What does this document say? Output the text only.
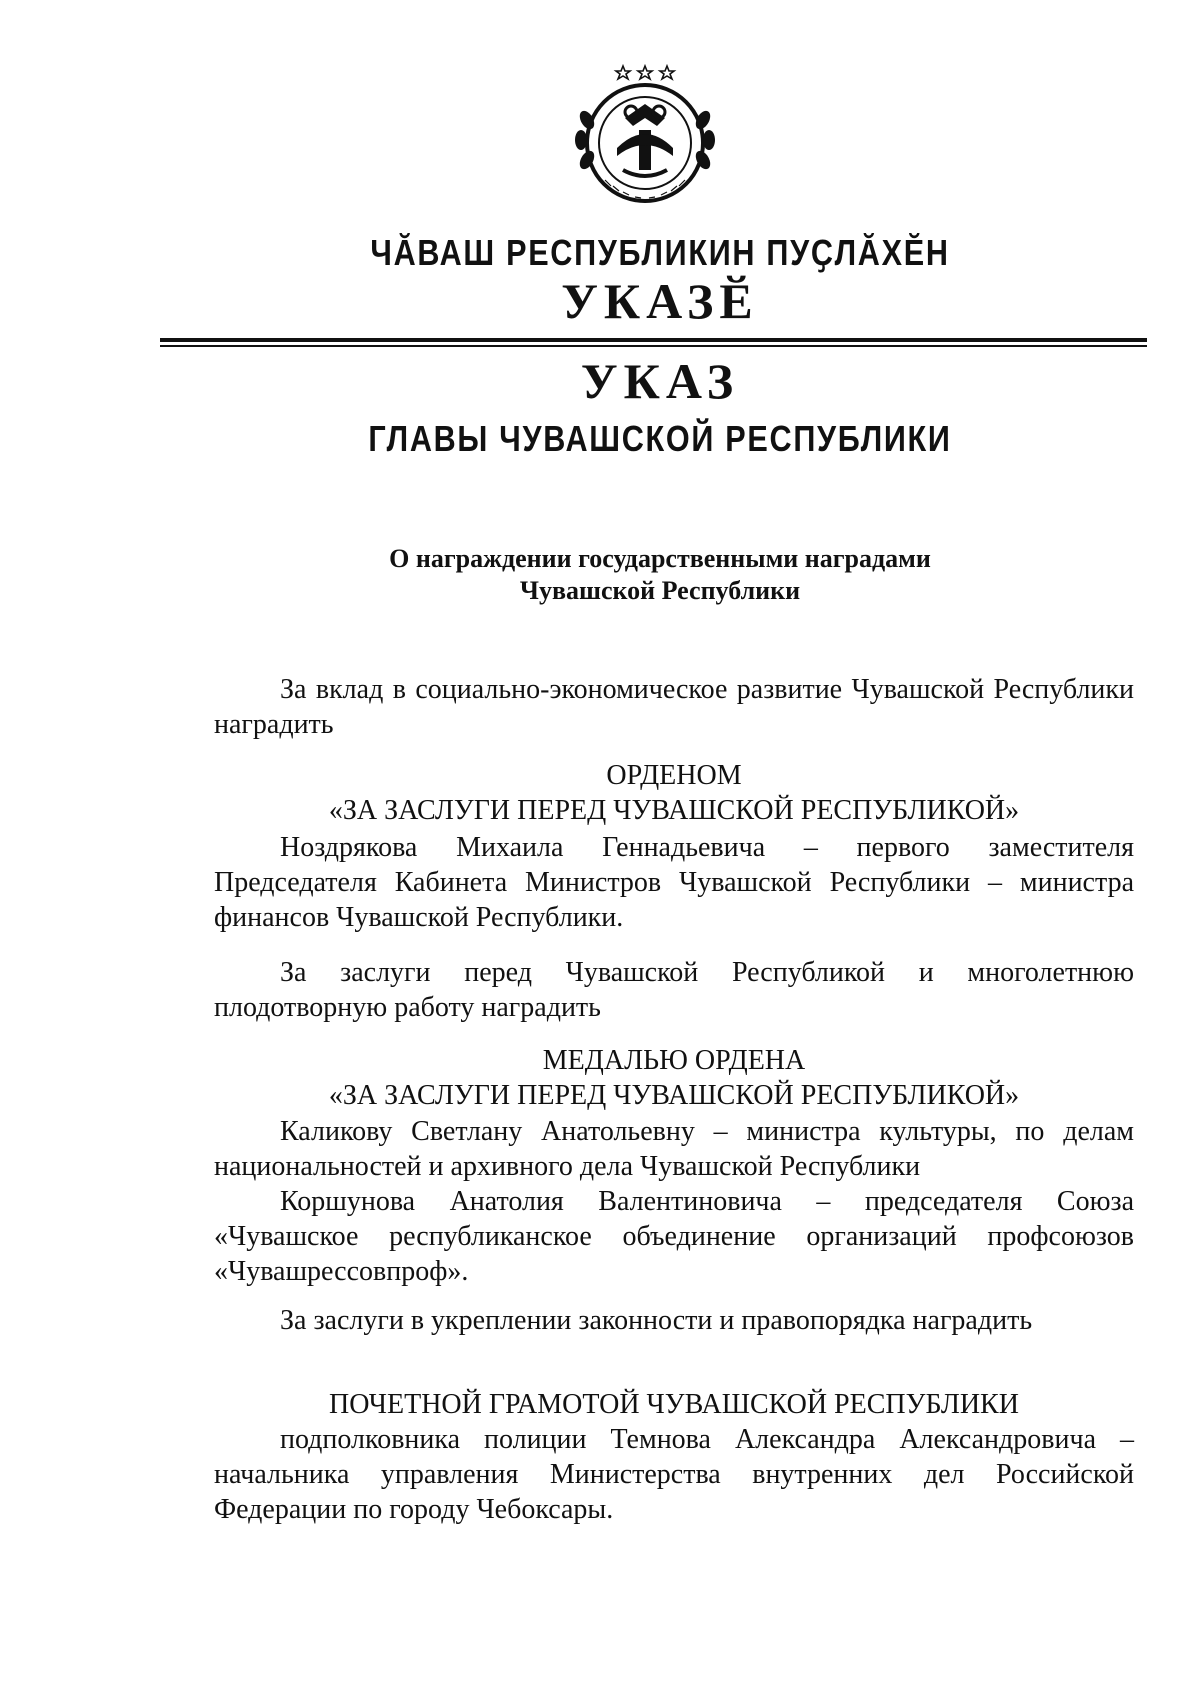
ЧӐВАШ РЕСПУБЛИКИН ПУҪЛӐХӖН
УКАЗӖ
УКАЗ
ГЛАВЫ ЧУВАШСКОЙ РЕСПУБЛИКИ

О награждении государственными наградами

Чувашской Республики

За вклад в социально-экономическое развитие Чувашской Республики наградить

ОРДЕНОМ
«ЗА ЗАСЛУГИ ПЕРЕД ЧУВАШСКОЙ РЕСПУБЛИКОЙ»

Ноздрякова Михаила Геннадьевича – первого заместителя Председателя Кабинета Министров Чувашской Республики – министра финансов Чувашской Республики.

За заслуги перед Чувашской Республикой и многолетнюю плодотворную работу наградить

МЕДАЛЬЮ ОРДЕНА
«ЗА ЗАСЛУГИ ПЕРЕД ЧУВАШСКОЙ РЕСПУБЛИКОЙ»

Каликову Светлану Анатольевну – министра культуры, по делам национальностей и архивного дела Чувашской Республики

Коршунова Анатолия Валентиновича – председателя Союза «Чувашское республиканское объединение организаций профсоюзов «Чувашрессовпроф».

За заслуги в укреплении законности и правопорядка наградить

ПОЧЕТНОЙ ГРАМОТОЙ ЧУВАШСКОЙ РЕСПУБЛИКИ

подполковника полиции Темнова Александра Александровича – начальника управления Министерства внутренних дел Российской Федерации по городу Чебоксары.
